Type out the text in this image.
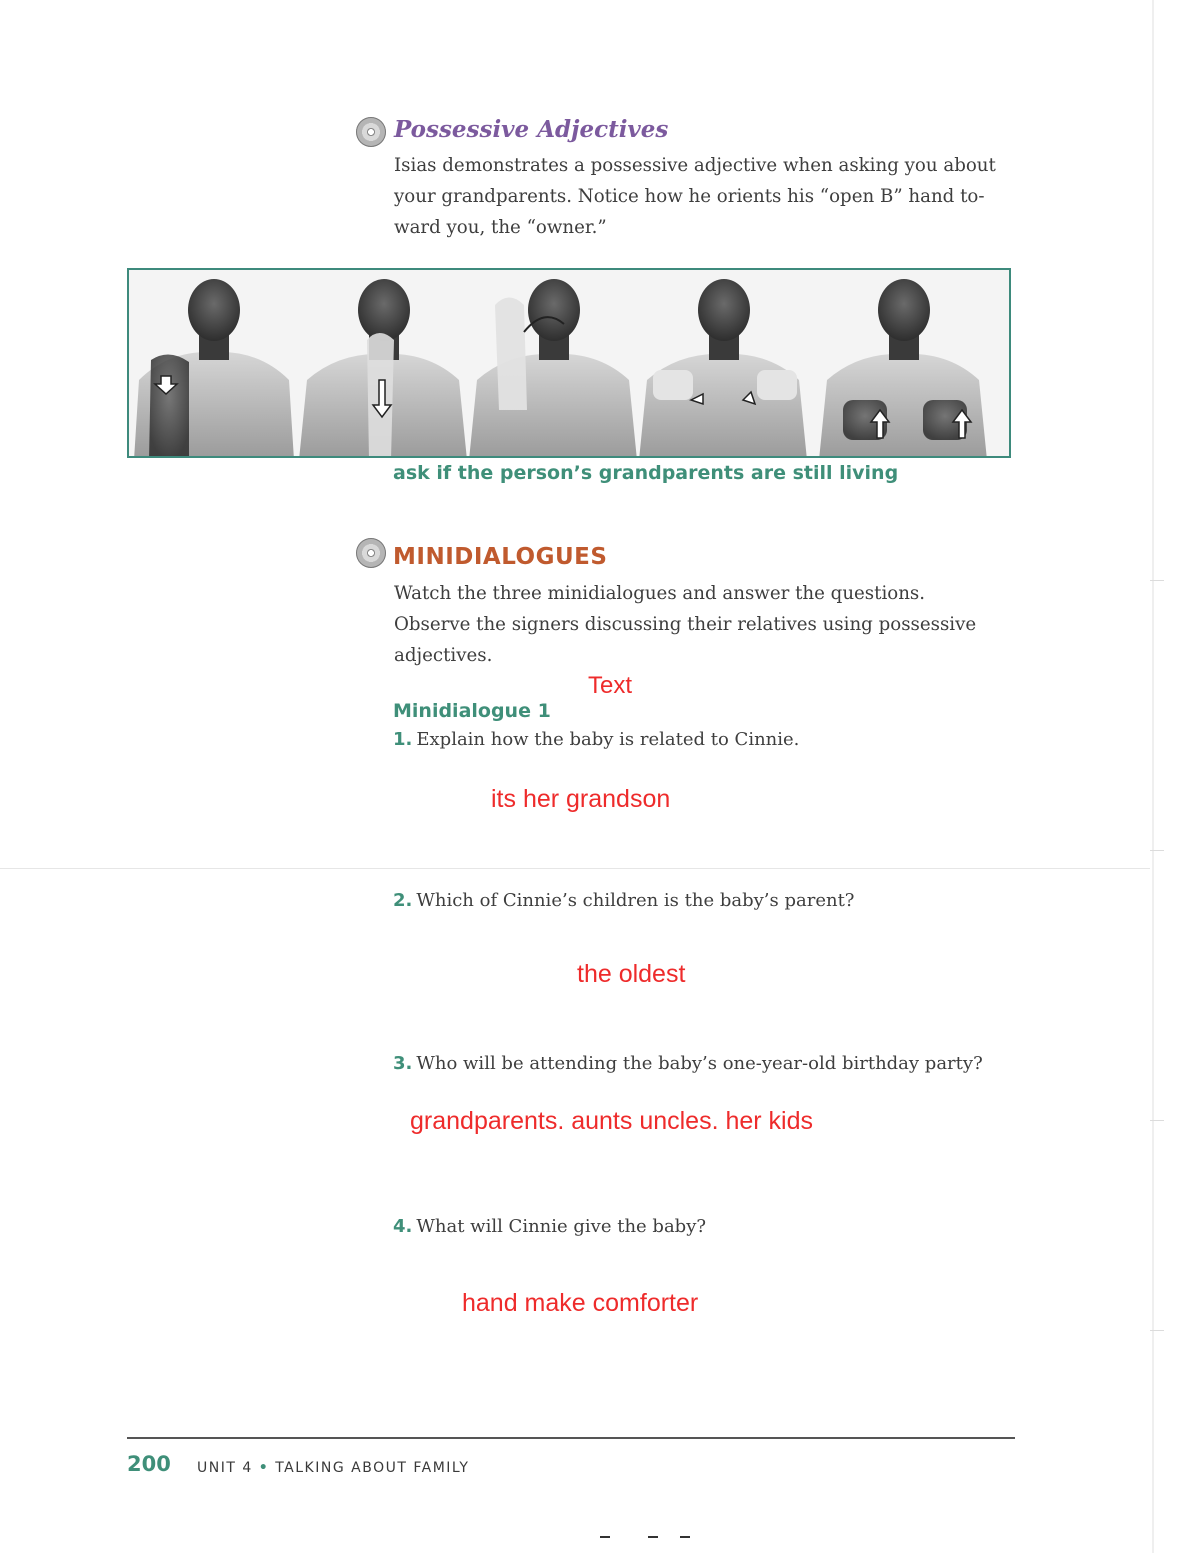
Possessive Adjectives
Isias demonstrates a possessive adjective when asking you about
your grandparents. Notice how he orients his “open B” hand to-
ward you, the “owner.”
ask if the person’s grandparents are still living
MINIDIALOGUES
Watch the three minidialogues and answer the questions.
Observe the signers discussing their relatives using possessive
adjectives.
Text
Minidialogue 1
1. Explain how the baby is related to Cinnie.
its her grandson
2. Which of Cinnie’s children is the baby’s parent?
the oldest
3. Who will be attending the baby’s one-year-old birthday party?
grandparents. aunts uncles. her kids
4. What will Cinnie give the baby?
hand make comforter
200 UNIT 4 • TALKING ABOUT FAMILY
